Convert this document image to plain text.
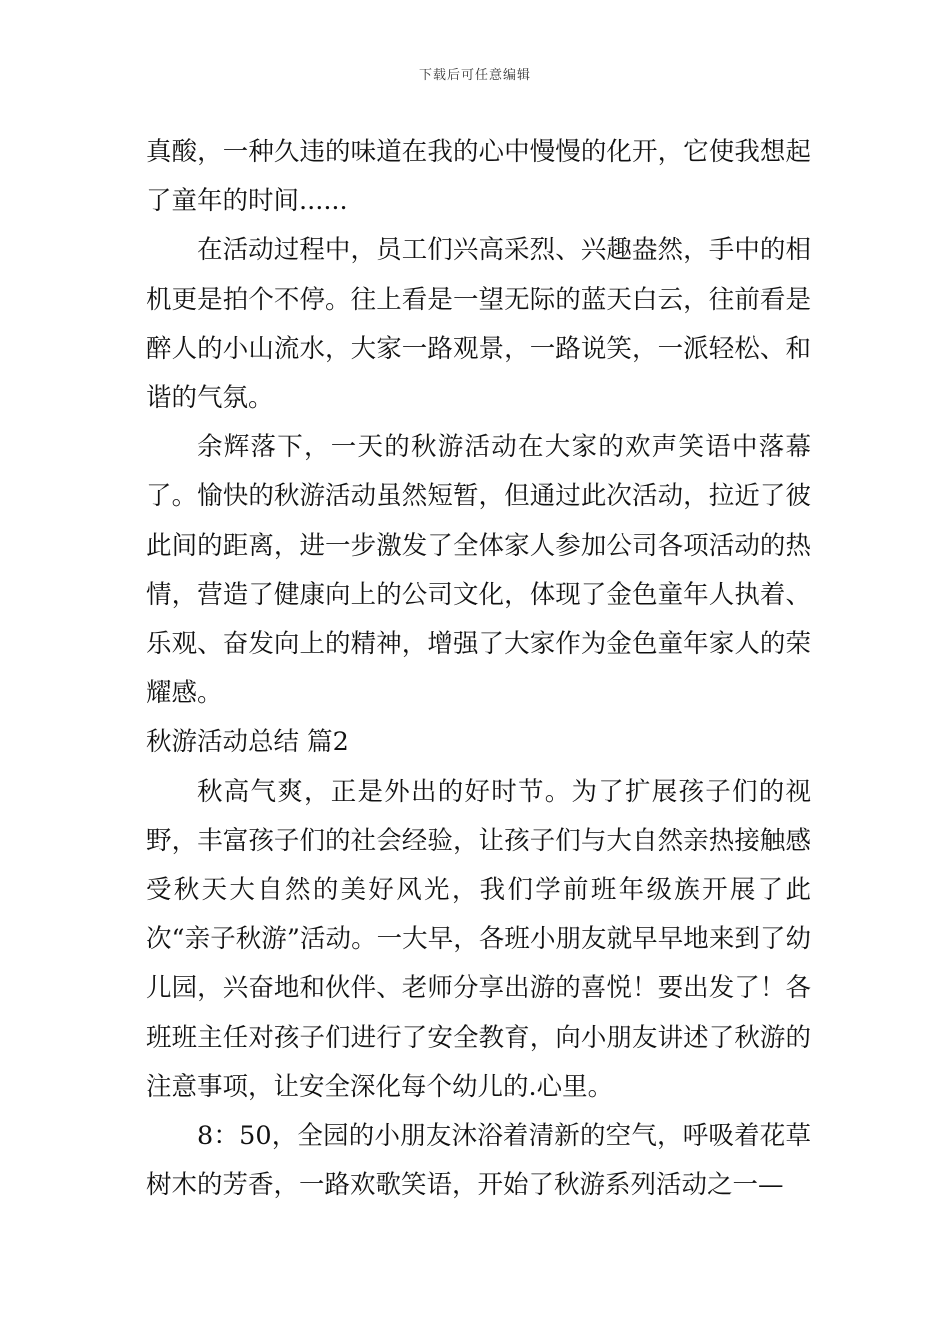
下载后可任意编辑

真酸，一种久违的味道在我的心中慢慢的化开，它使我想起了童年的时间......

在活动过程中，员工们兴高采烈、兴趣盎然，手中的相机更是拍个不停。往上看是一望无际的蓝天白云，往前看是醉人的小山流水，大家一路观景，一路说笑，一派轻松、和谐的气氛。

余辉落下，一天的秋游活动在大家的欢声笑语中落幕了。愉快的秋游活动虽然短暂，但通过此次活动，拉近了彼此间的距离，进一步激发了全体家人参加公司各项活动的热情，营造了健康向上的公司文化，体现了金色童年人执着、乐观、奋发向上的精神，增强了大家作为金色童年家人的荣耀感。

秋游活动总结 篇2

秋高气爽，正是外出的好时节。为了扩展孩子们的视野，丰富孩子们的社会经验，让孩子们与大自然亲热接触感受秋天大自然的美好风光，我们学前班年级族开展了此次“亲子秋游”活动。一大早，各班小朋友就早早地来到了幼儿园，兴奋地和伙伴、老师分享出游的喜悦！要出发了！各班班主任对孩子们进行了安全教育，向小朋友讲述了秋游的注意事项，让安全深化每个幼儿的.心里。

8：50，全园的小朋友沐浴着清新的空气，呼吸着花草树木的芳香，一路欢歌笑语，开始了秋游系列活动之一—
